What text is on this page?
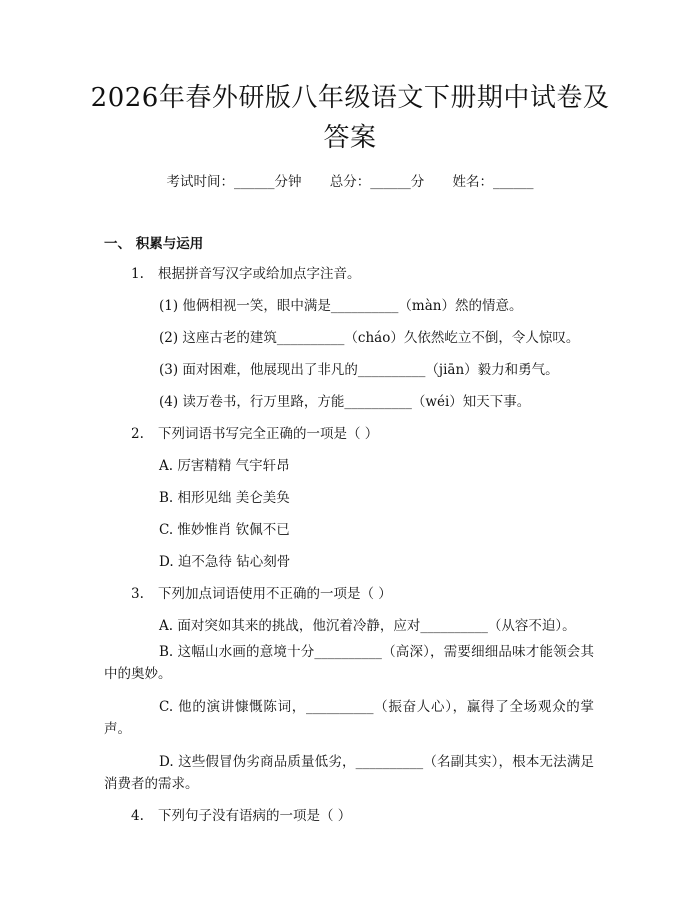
2026年春外研版八年级语文下册期中试卷及
答案
考试时间：______分钟 总分：______分 姓名：______
一、 积累与运用
1. 根据拼音写汉字或给加点字注音。
(1) 他俩相视一笑，眼中满是__________（màn）然的情意。
(2) 这座古老的建筑__________（cháo）久依然屹立不倒，令人惊叹。
(3) 面对困难，他展现出了非凡的__________（jiān）毅力和勇气。
(4) 读万卷书，行万里路，方能__________（wéi）知天下事。
2. 下列词语书写完全正确的一项是（ ）
A. 厉害精精 气宇轩昂
B. 相形见绌 美仑美奂
C. 惟妙惟肖 钦佩不已
D. 迫不急待 钻心刻骨
3. 下列加点词语使用不正确的一项是（ ）
A. 面对突如其来的挑战，他沉着冷静，应对__________（从容不迫）。
B. 这幅山水画的意境十分__________（高深），需要细细品味才能领会其中的奥妙。
C. 他的演讲慷慨陈词，__________（振奋人心），赢得了全场观众的掌声。
D. 这些假冒伪劣商品质量低劣，__________（名副其实），根本无法满足消费者的需求。
4. 下列句子没有语病的一项是（ ）
